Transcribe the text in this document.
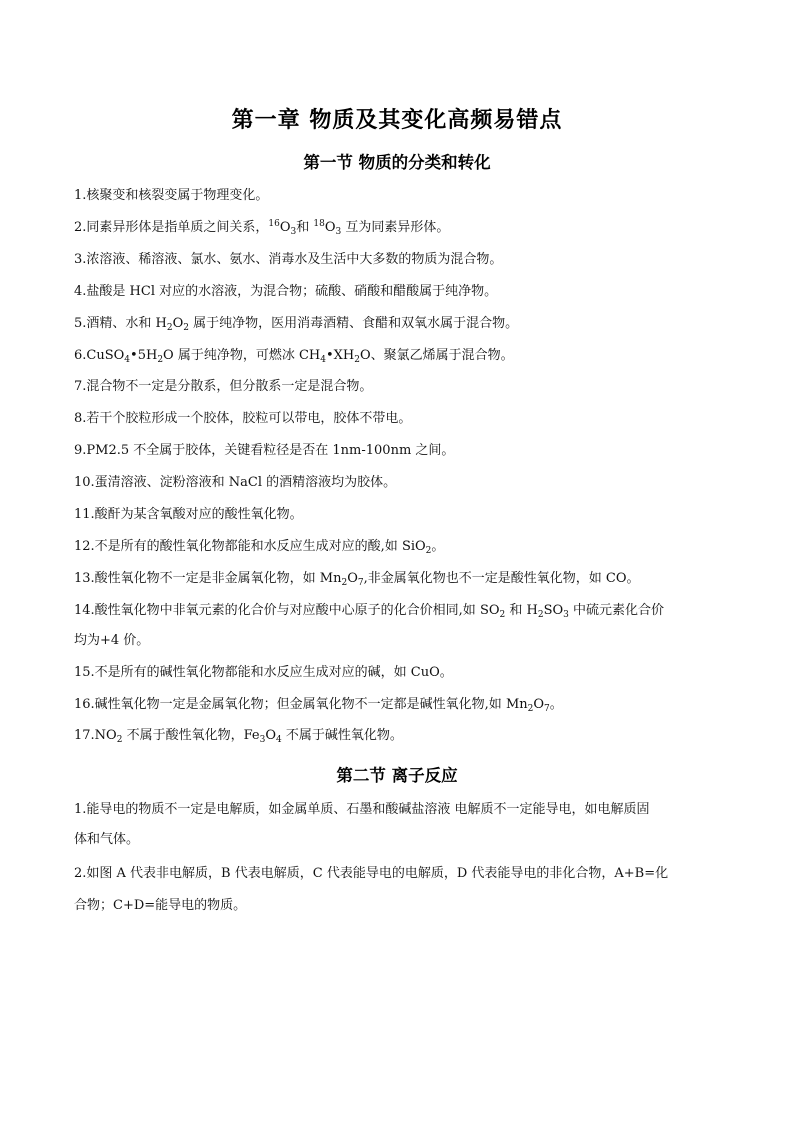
第一章 物质及其变化高频易错点
第一节 物质的分类和转化
1.核聚变和核裂变属于物理变化。
2.同素异形体是指单质之间关系，$^{16}O_3$和 $^{18}O_3$ 互为同素异形体。
3.浓溶液、稀溶液、氯水、氨水、消毒水及生活中大多数的物质为混合物。
4.盐酸是 HCl 对应的水溶液，为混合物；硫酸、硝酸和醋酸属于纯净物。
5.酒精、水和 $H_2O_2$ 属于纯净物，医用消毒酒精、食醋和双氧水属于混合物。
$6.CuSO_4•5H_2O$ 属于纯净物，可燃冰 $CH_4•XH_2O$、聚氯乙烯属于混合物。
7.混合物不一定是分散系，但分散系一定是混合物。
8.若干个胶粒形成一个胶体，胶粒可以带电，胶体不带电。
9.PM2.5 不全属于胶体，关键看粒径是否在 1nm-100nm 之间。
10.蛋清溶液、淀粉溶液和 NaCl 的酒精溶液均为胶体。
11.酸酐为某含氧酸对应的酸性氧化物。
12.不是所有的酸性氧化物都能和水反应生成对应的酸,如 SiO$_2$。
13.酸性氧化物不一定是非金属氧化物，如 $Mn_2O_7$,非金属氧化物也不一定是酸性氧化物，如 CO。
14.酸性氧化物中非氧元素的化合价与对应酸中心原子的化合价相同,如 $SO_2$ 和 $H_2SO_3$ 中硫元素化合价
均为+4 价。
15.不是所有的碱性氧化物都能和水反应生成对应的碱，如 CuO。
16.碱性氧化物一定是金属氧化物；但金属氧化物不一定都是碱性氧化物,如 $Mn_2O_7$。
$17.NO_2$ 不属于酸性氧化物，$Fe_3O_4$ 不属于碱性氧化物。
第二节 离子反应
1.能导电的物质不一定是电解质，如金属单质、石墨和酸碱盐溶液 电解质不一定能导电，如电解质固
体和气体。
2.如图 A 代表非电解质，B 代表电解质，C 代表能导电的电解质，D 代表能导电的非化合物，A+B=化
合物；C+D=能导电的物质。
